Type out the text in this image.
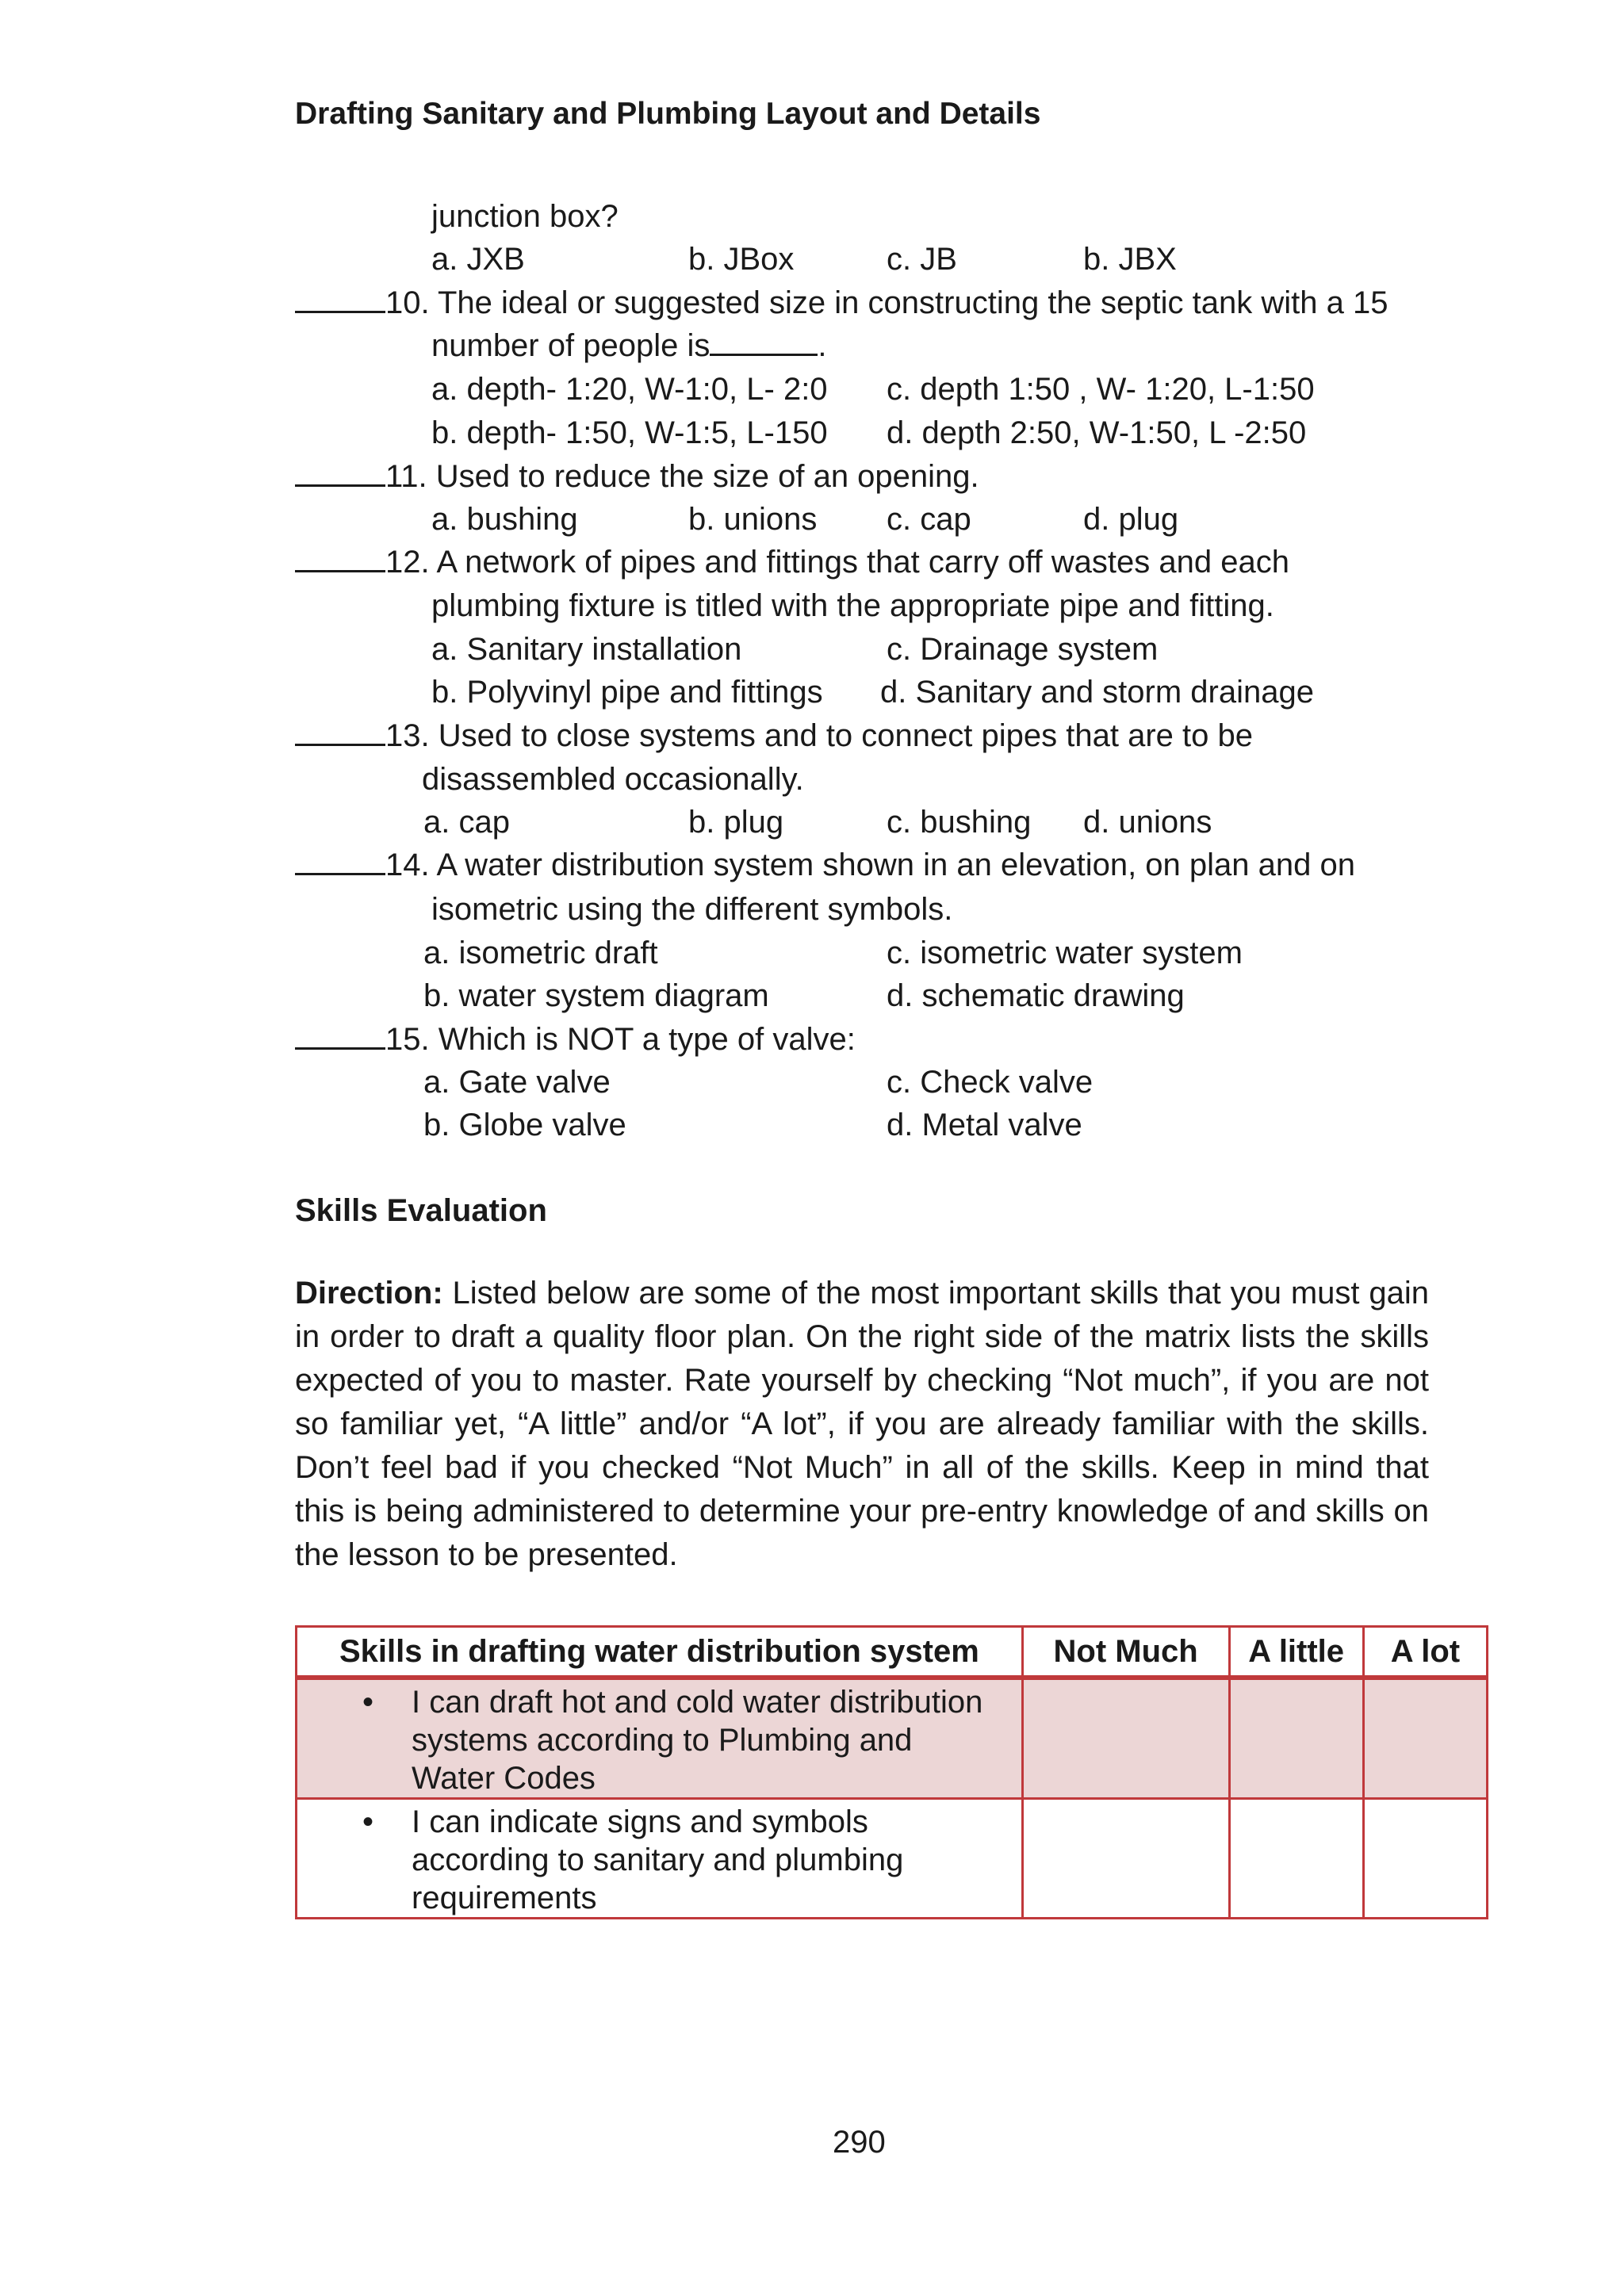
Drafting Sanitary and Plumbing Layout and Details
junction box?
a. JXB	b. JBox	c. JB	b. JBX
10. The ideal or suggested size in constructing the septic tank with a 15
number of people is	.
a. depth- 1:20, W-1:0, L- 2:0 c. depth 1:50 , W- 1:20, L-1:50
b. depth- 1:50, W-1:5, L-150 d. depth 2:50, W-1:50, L -2:50
11. Used to reduce the size of an opening.
a. bushing	b. unions c. cap	d. plug
12. A network of pipes and fittings that carry off wastes and each
plumbing fixture is titled with the appropriate pipe and fitting.
a. Sanitary installation	c. Drainage system
b. Polyvinyl pipe and fittings d. Sanitary and storm drainage
13. Used to close systems and to connect pipes that are to be
disassembled occasionally.
a. cap	b. plug	c. bushing d. unions
14. A water distribution system shown in an elevation, on plan and on
isometric using the different symbols.
a. isometric draft	c. isometric water system
b. water system diagram	d. schematic drawing
15. Which is NOT a type of valve:
a. Gate valve	c. Check valve
b. Globe valve	d. Metal valve
Skills Evaluation
Direction: Listed below are some of the most important skills that you must gain in order to draft a quality floor plan. On the right side of the matrix lists the skills expected of you to master. Rate yourself by checking “Not much”, if you are not so familiar yet, “A little” and/or “A lot”, if you are already familiar with the skills. Don’t feel bad if you checked “Not Much” in all of the skills. Keep in mind that this is being administered to determine your pre-entry knowledge of and skills on the lesson to be presented.
Skills in drafting water distribution system	Not Much	A little	A lot

• I can draft hot and cold water distribution systems according to Plumbing and Water Codes			

• I can indicate signs and symbols according to sanitary and plumbing requirements			

290
